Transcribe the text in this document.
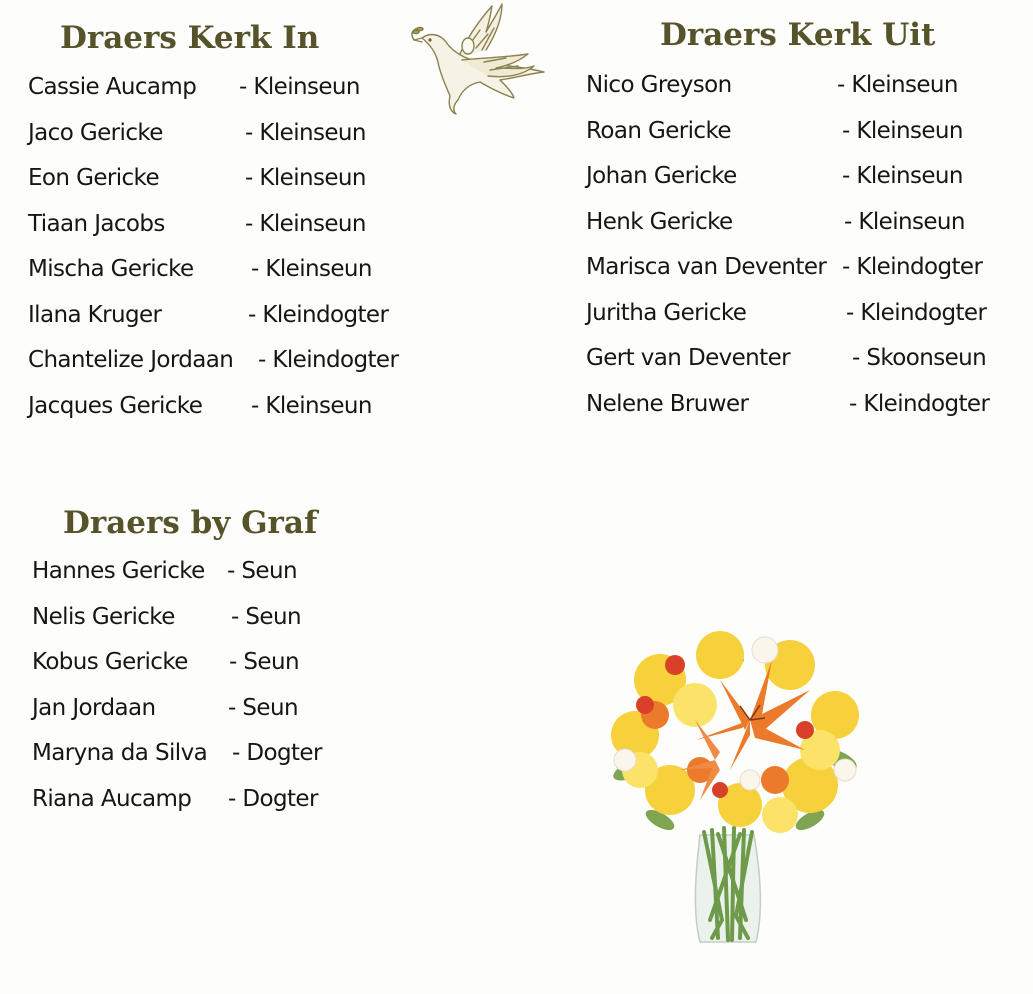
Draers Kerk In
Cassie Aucamp - Kleinseun
Jaco Gericke	- Kleinseun
Eon Gericke	- Kleinseun
Tiaan Jacobs	- Kleinseun
Mischa Gericke - Kleinseun
Ilana Kruger	- Kleindogter
Chantelize Jordaan - Kleindogter
Jacques Gericke - Kleinseun
Draers Kerk Uit
Nico Greyson	- Kleinseun
Roan Gericke	- Kleinseun
Johan Gericke	- Kleinseun
Henk Gericke	- Kleinseun
Marisca van Deventer - Kleindogter
Juritha Gericke	- Kleindogter
Gert van Deventer	- Skoonseun
Nelene Bruwer	- Kleindogter
Draers by Graf
Hannes Gericke - Seun
Nelis Gericke - Seun
Kobus Gericke - Seun
Jan Jordaan	- Seun
Maryna da Silva - Dogter
Riana Aucamp - Dogter
